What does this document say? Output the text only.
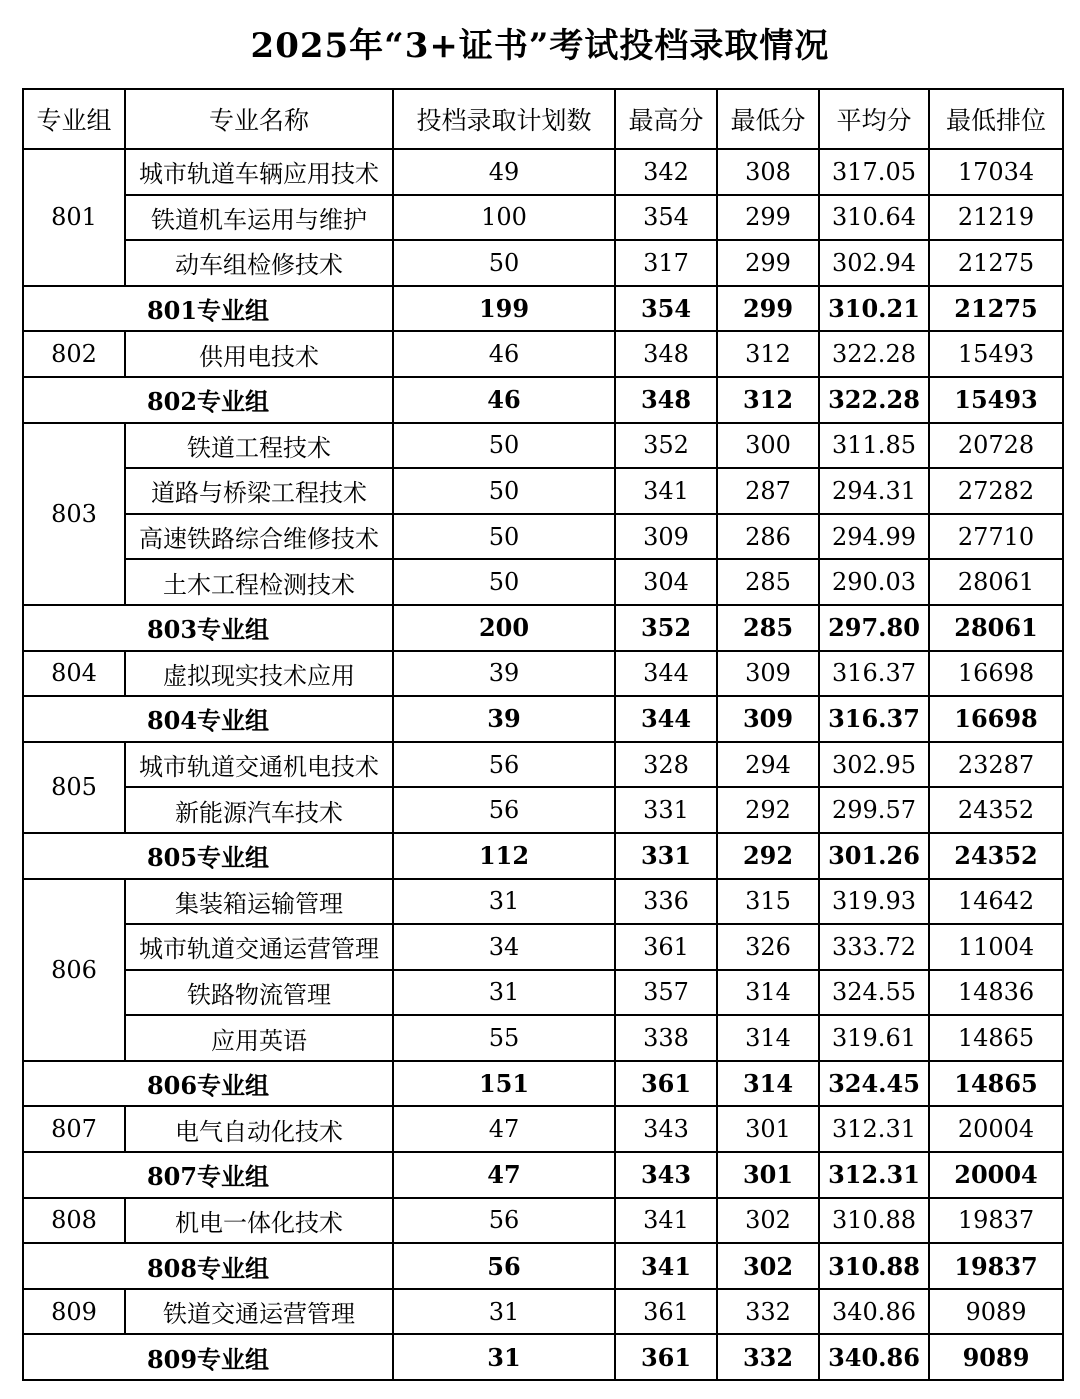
2025年“3+证书”考试投档录取情况
专业组	专业名称	投档录取计划数	最高分	最低分	平均分	最低排位
801	城市轨道车辆应用技术	49	342	308	317.05	17034
	铁道机车运用与维护	100	354	299	310.64	21219
	动车组检修技术	50	317	299	302.94	21275
801专业组		199	354	299	310.21	21275
802	供用电技术	46	348	312	322.28	15493
802专业组		46	348	312	322.28	15493
803	铁道工程技术	50	352	300	311.85	20728
	道路与桥梁工程技术	50	341	287	294.31	27282
	高速铁路综合维修技术	50	309	286	294.99	27710
	土木工程检测技术	50	304	285	290.03	28061
803专业组		200	352	285	297.80	28061
804	虚拟现实技术应用	39	344	309	316.37	16698
804专业组		39	344	309	316.37	16698
805	城市轨道交通机电技术	56	328	294	302.95	23287
	新能源汽车技术	56	331	292	299.57	24352
805专业组		112	331	292	301.26	24352
806	集装箱运输管理	31	336	315	319.93	14642
	城市轨道交通运营管理	34	361	326	333.72	11004
	铁路物流管理	31	357	314	324.55	14836
	应用英语	55	338	314	319.61	14865
806专业组		151	361	314	324.45	14865
807	电气自动化技术	47	343	301	312.31	20004
807专业组		47	343	301	312.31	20004
808	机电一体化技术	56	341	302	310.88	19837
808专业组		56	341	302	310.88	19837
809	铁道交通运营管理	31	361	332	340.86	9089
809专业组		31	361	332	340.86	9089
